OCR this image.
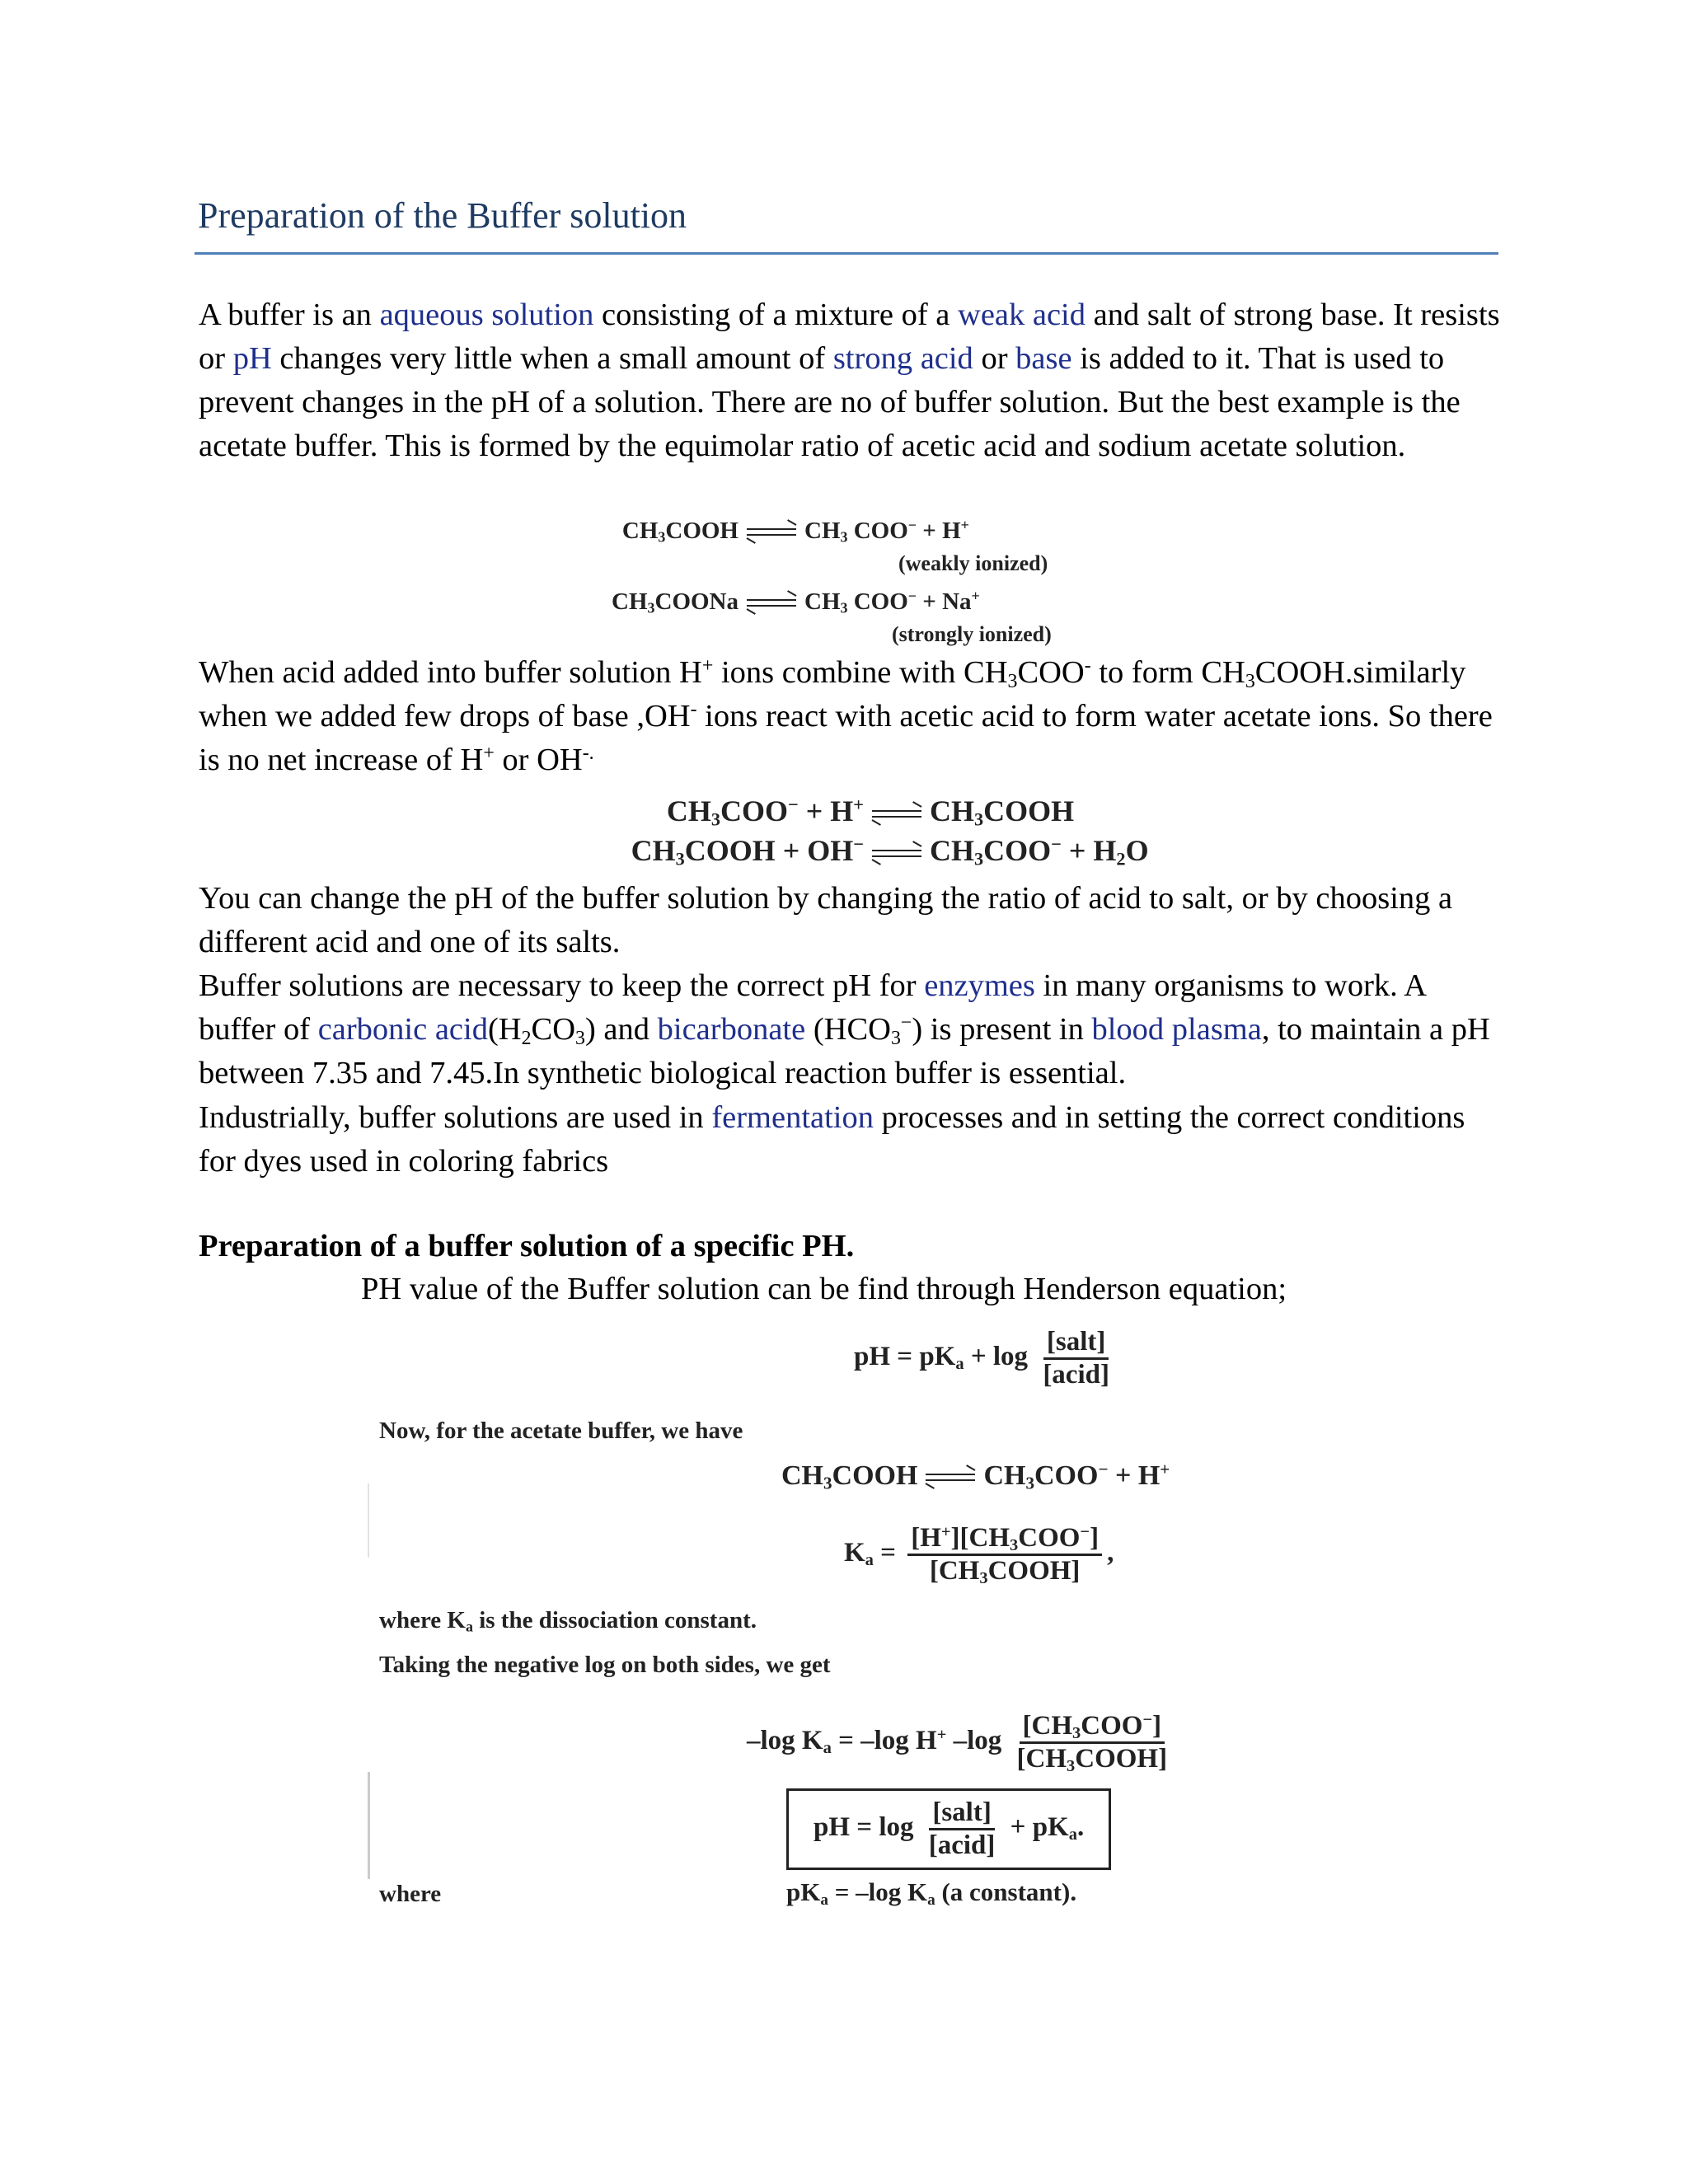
Preparation of the Buffer solution
A buffer is an aqueous solution consisting of a mixture of a weak acid and salt of strong base. It resists or pH changes very little when a small amount of strong acid or base is added to it. That is used to prevent changes in the pH of a solution. There are no of buffer solution. But the best example is the acetate buffer. This is formed by the equimolar ratio of acetic acid and sodium acetate solution.
$CH_3COOH$	$CH_3$ COO− + H+
(weakly ionized)
$CH_3COONa$	$CH_3$ COO− + Na+
(strongly ionized)
When acid added into buffer solution H+ ions combine with $CH_3COO^-$ to form $CH_3COOH.similarly$ when we added few drops of base ,OH- ions react with acetic acid to form water acetate ions. So there is no net increase of H+ or OH-.
$CH_3COO^- + H^+$ $CH_3COOH$
$CH_3COOH + OH^-$ $CH_3COO^- + H_2O$
You can change the pH of the buffer solution by changing the ratio of acid to salt, or by choosing a different acid and one of its salts.
Buffer solutions are necessary to keep the correct pH for enzymes in many organisms to work. A buffer of carbonic $acid(H_2CO_3)$ and bicarbonate $(HCO_3^-)$ is present in blood plasma, to maintain a pH between 7.35 and 7.45.In synthetic biological reaction buffer is essential.
Industrially, buffer solutions are used in fermentation processes and in setting the correct conditions for dyes used in coloring fabrics
Preparation of a buffer solution of a specific PH.
PH value of the Buffer solution can be find through Henderson equation;
pH = $pK_a + \log \frac{\text{[salt]}}{\text{[acid]}}$
Now, for the acetate buffer, we have
$CH_3COOH$ $CH_3COO^- + H^+$
$K_a = \frac{[H^+][CH_3COO^-]}{[CH_3COOH]}$ ,
where $K_a$ is the dissociation constant.
Taking the negative log on both sides, we get
–log $K_a = -\log$ H+ $-\log \frac{[CH_3COO^-]}{[CH_3COOH]}$
pH = $\log \frac{\text{[salt]}}{\text{[acid]}} + pK_a$.
where	$pK_a = -\log$ $K_a$ (a constant).
